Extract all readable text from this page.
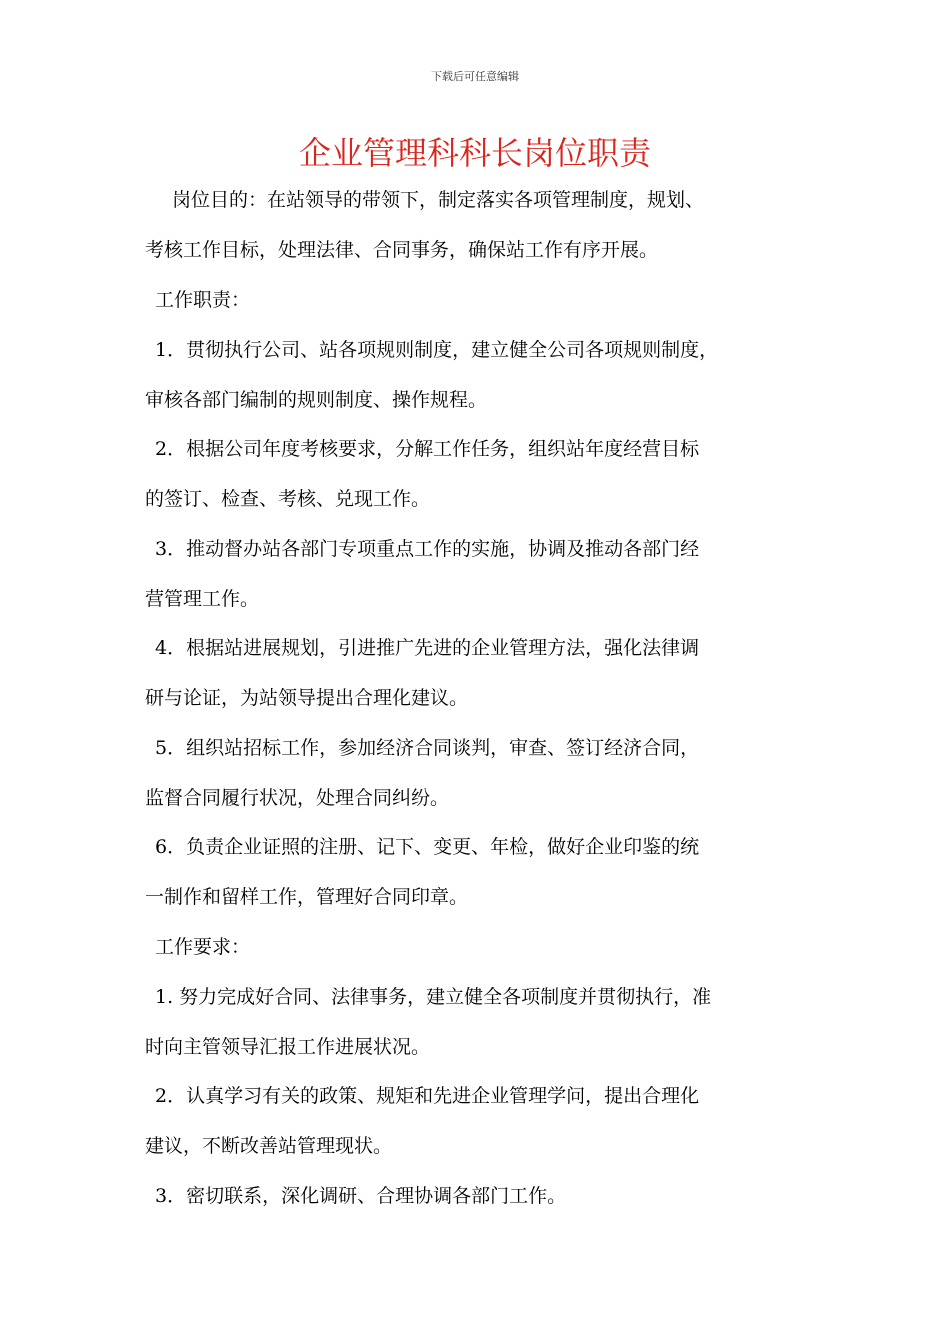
下载后可任意编辑
企业管理科科长岗位职责
岗位目的：在站领导的带领下，制定落实各项管理制度，规划、
考核工作目标，处理法律、合同事务，确保站工作有序开展。
工作职责：
1．贯彻执行公司、站各项规则制度，建立健全公司各项规则制度，
审核各部门编制的规则制度、操作规程。
2．根据公司年度考核要求，分解工作任务，组织站年度经营目标
的签订、检查、考核、兑现工作。
3．推动督办站各部门专项重点工作的实施，协调及推动各部门经
营管理工作。
4．根据站进展规划，引进推广先进的企业管理方法，强化法律调
研与论证，为站领导提出合理化建议。
5．组织站招标工作，参加经济合同谈判，审查、签订经济合同，
监督合同履行状况，处理合同纠纷。
6．负责企业证照的注册、记下、变更、年检，做好企业印鉴的统
一制作和留样工作，管理好合同印章。
工作要求：
1. 努力完成好合同、法律事务，建立健全各项制度并贯彻执行，准
时向主管领导汇报工作进展状况。
2．认真学习有关的政策、规矩和先进企业管理学问，提出合理化
建议，不断改善站管理现状。
3．密切联系，深化调研、合理协调各部门工作。
